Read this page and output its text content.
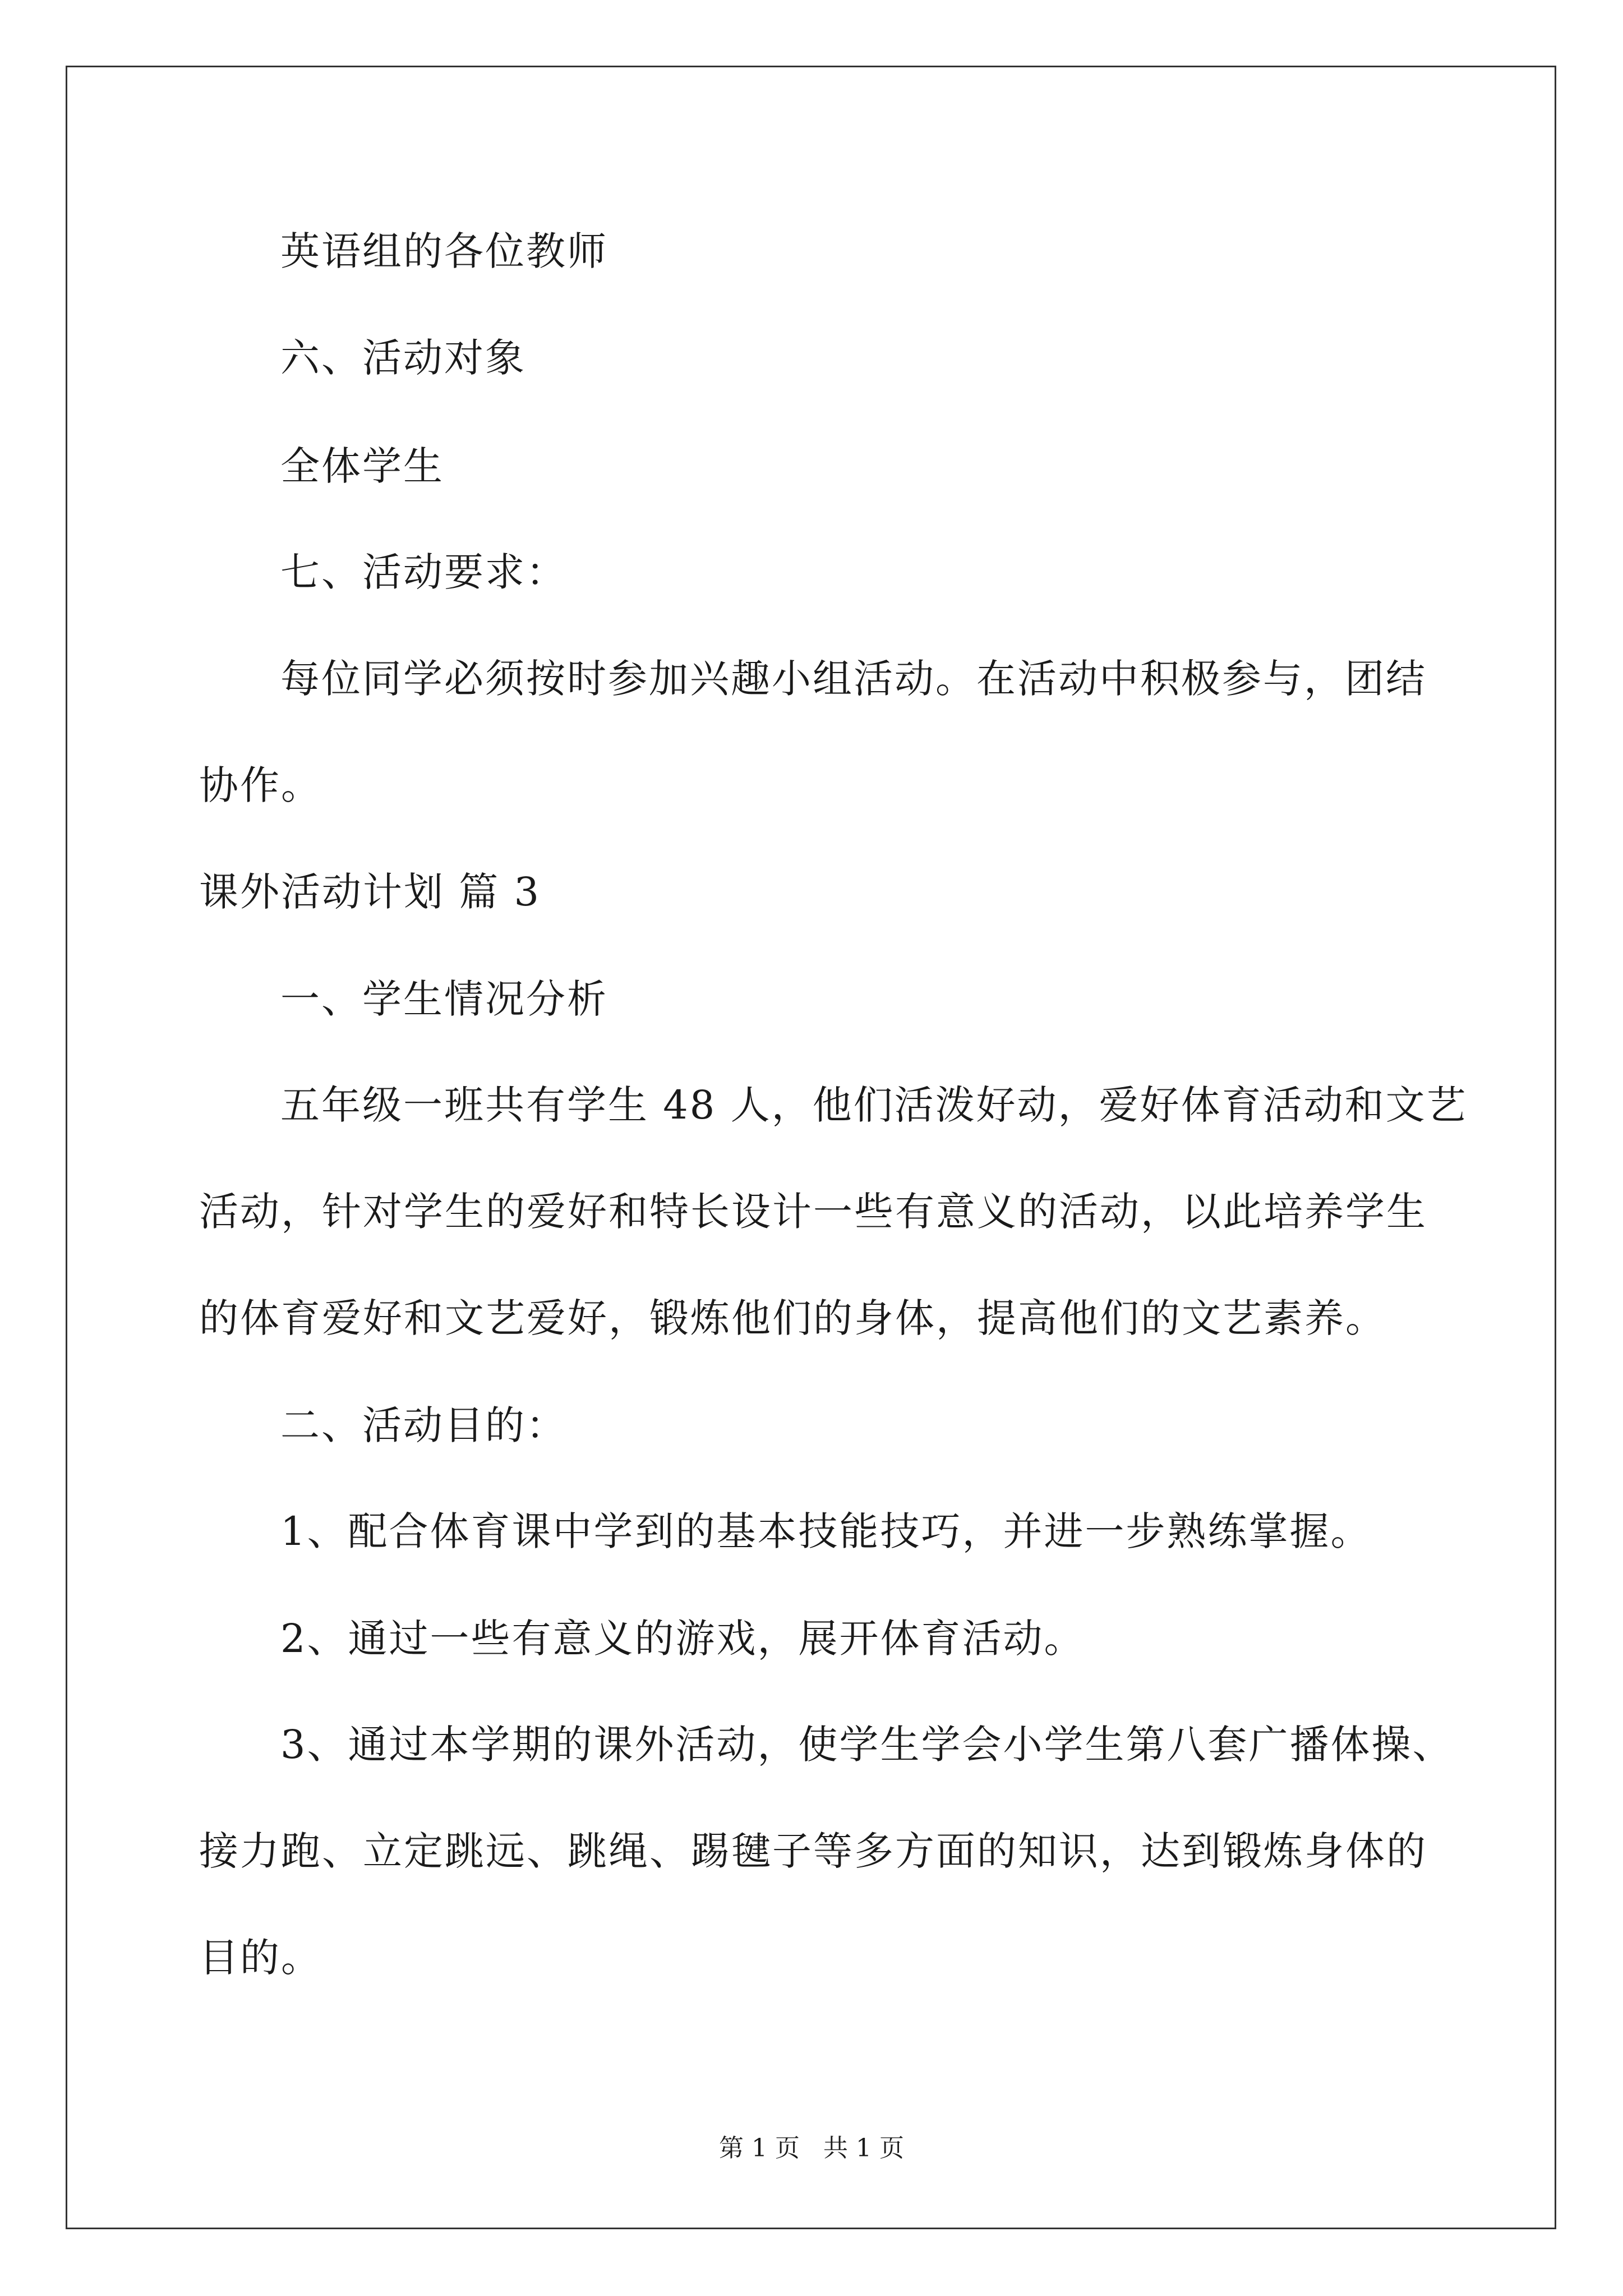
英语组的各位教师
六、活动对象
全体学生
七、活动要求：
每位同学必须按时参加兴趣小组活动。在活动中积极参与，团结
协作。
课外活动计划 篇 3
一、学生情况分析
五年级一班共有学生 48 人，他们活泼好动，爱好体育活动和文艺
活动，针对学生的爱好和特长设计一些有意义的活动，以此培养学生
的体育爱好和文艺爱好，锻炼他们的身体，提高他们的文艺素养。
二、活动目的：
1、配合体育课中学到的基本技能技巧，并进一步熟练掌握。
2、通过一些有意义的游戏，展开体育活动。
3、通过本学期的课外活动，使学生学会小学生第八套广播体操、
接力跑、立定跳远、跳绳、踢毽子等多方面的知识，达到锻炼身体的
目的。
第 1 页   共 1 页
